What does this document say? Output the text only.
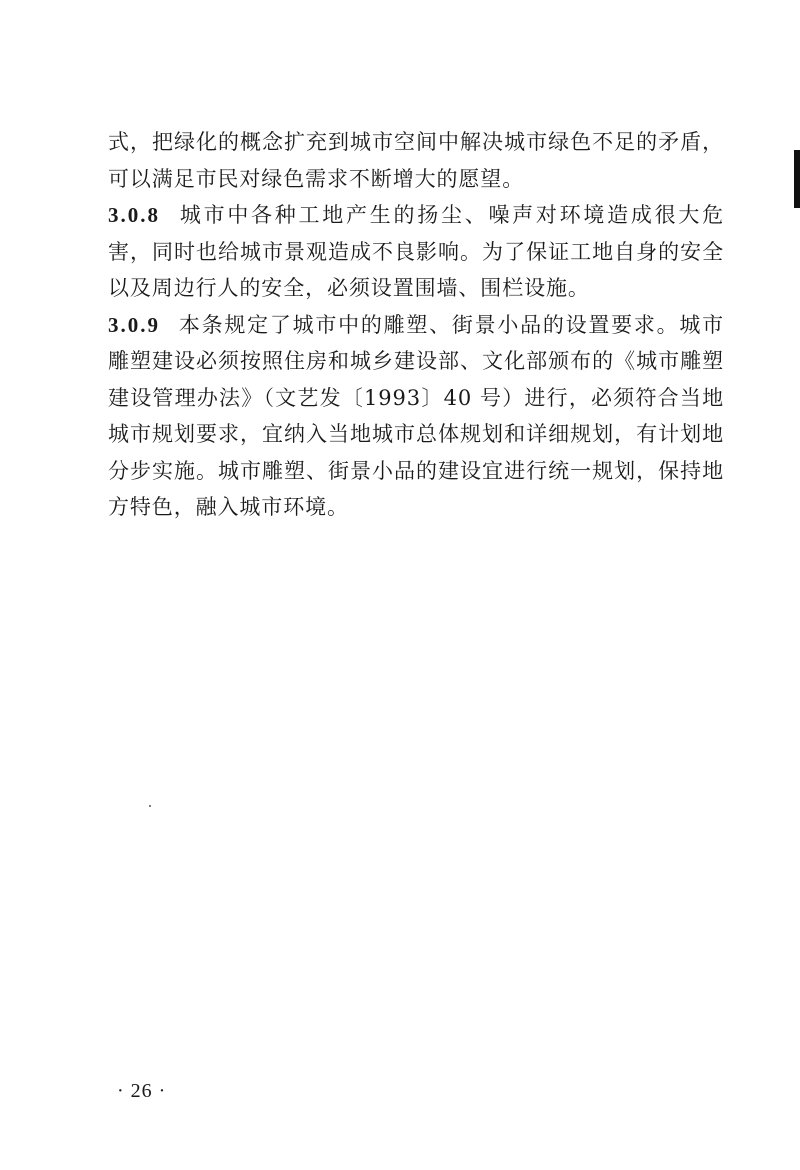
式，把绿化的概念扩充到城市空间中解决城市绿色不足的矛盾，可以满足市民对绿色需求不断增大的愿望。

3.0.8 城市中各种工地产生的扬尘、噪声对环境造成很大危害，同时也给城市景观造成不良影响。为了保证工地自身的安全以及周边行人的安全，必须设置围墙、围栏设施。

3.0.9 本条规定了城市中的雕塑、街景小品的设置要求。城市雕塑建设必须按照住房和城乡建设部、文化部颁布的《城市雕塑建设管理办法》（文艺发〔1993〕40 号）进行，必须符合当地城市规划要求，宜纳入当地城市总体规划和详细规划，有计划地分步实施。城市雕塑、街景小品的建设宜进行统一规划，保持地方特色，融入城市环境。

· 26 ·
